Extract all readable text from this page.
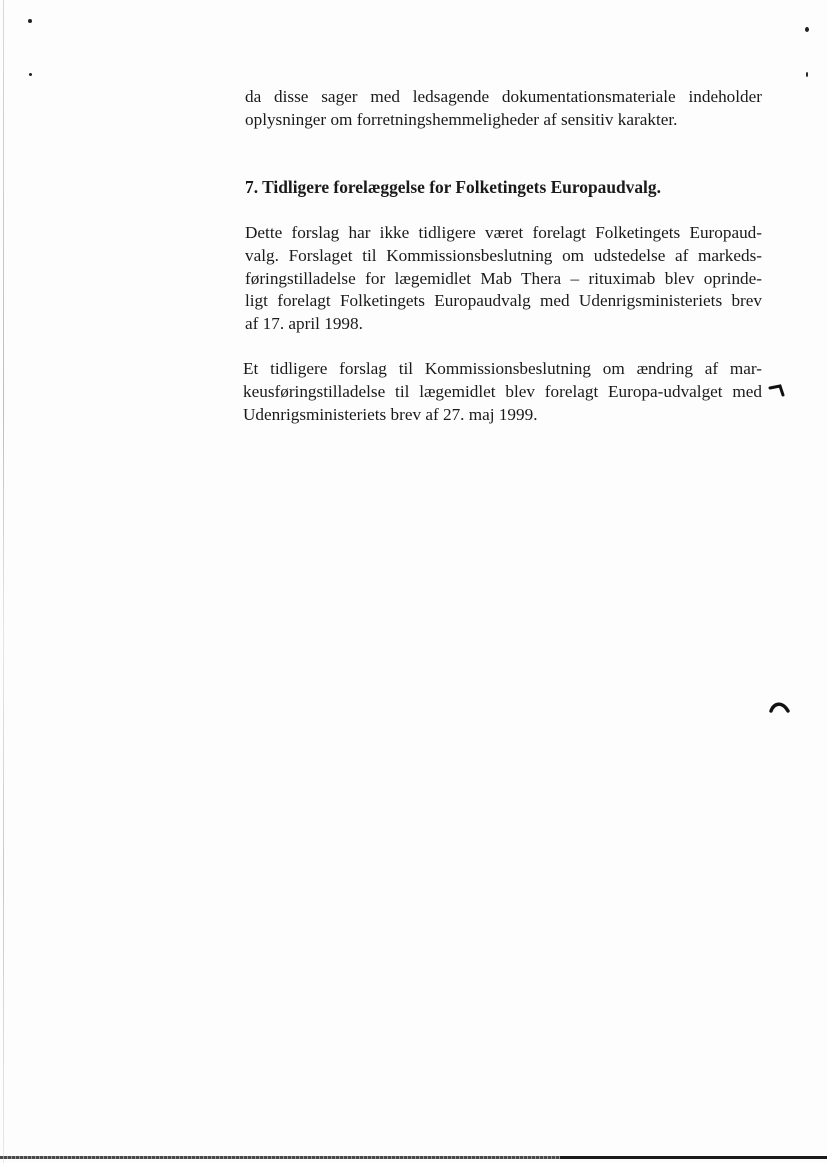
da disse sager med ledsagende dokumentationsmateriale indeholder
oplysninger om forretningshemmeligheder af sensitiv karakter.
7. Tidligere forelæggelse for Folketingets Europaudvalg.
Dette forslag har ikke tidligere været forelagt Folketingets Europaud-
valg. Forslaget til Kommissionsbeslutning om udstedelse af markeds-
føringstilladelse for lægemidlet Mab Thera – rituximab blev oprinde-
ligt forelagt Folketingets Europaudvalg med Udenrigsministeriets brev
af 17. april 1998.
Et tidligere forslag til Kommissionsbeslutning om ændring af mar-
keusføringstilladelse til lægemidlet blev forelagt Europa-udvalget med
Udenrigsministeriets brev af 27. maj 1999.
